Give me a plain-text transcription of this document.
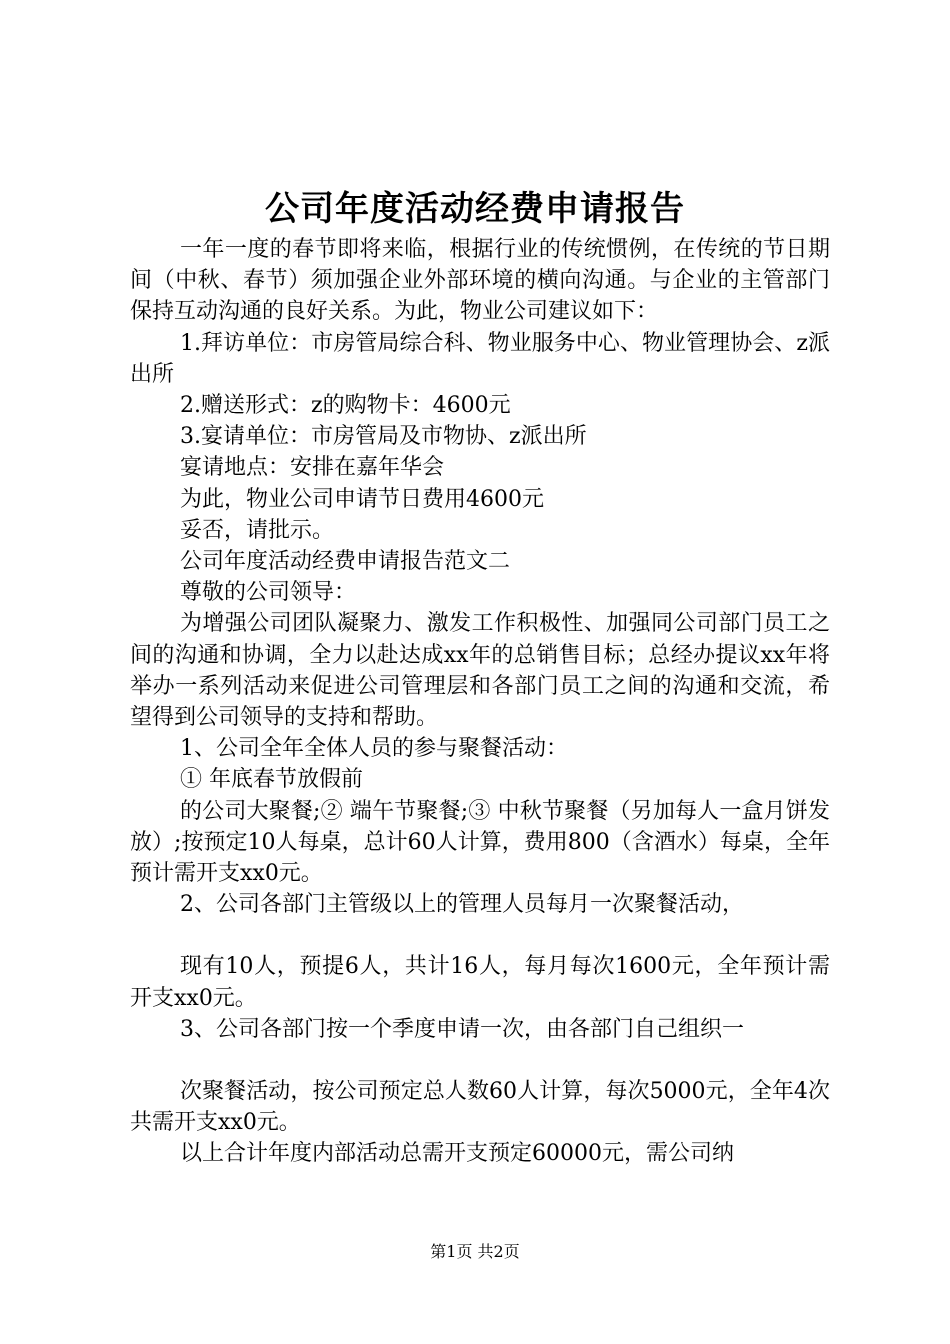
公司年度活动经费申请报告

一年一度的春节即将来临，根据行业的传统惯例，在传统的节日期间（中秋、春节）须加强企业外部环境的横向沟通。与企业的主管部门保持互动沟通的良好关系。为此，物业公司建议如下：

1.拜访单位：市房管局综合科、物业服务中心、物业管理协会、z派出所

2.赠送形式：z的购物卡：4600元

3.宴请单位：市房管局及市物协、z派出所

宴请地点：安排在嘉年华会

为此，物业公司申请节日费用4600元

妥否，请批示。

公司年度活动经费申请报告范文二

尊敬的公司领导：

为增强公司团队凝聚力、激发工作积极性、加强同公司部门员工之间的沟通和协调，全力以赴达成xx年的总销售目标；总经办提议xx年将举办一系列活动来促进公司管理层和各部门员工之间的沟通和交流，希望得到公司领导的支持和帮助。

1、公司全年全体人员的参与聚餐活动：

① 年底春节放假前

的公司大聚餐;② 端午节聚餐;③ 中秋节聚餐（另加每人一盒月饼发放）;按预定10人每桌，总计60人计算，费用800（含酒水）每桌，全年预计需开支xx0元。

2、公司各部门主管级以上的管理人员每月一次聚餐活动，

现有10人，预提6人，共计16人，每月每次1600元，全年预计需开支xx0元。

3、公司各部门按一个季度申请一次，由各部门自己组织一

次聚餐活动，按公司预定总人数60人计算，每次5000元，全年4次共需开支xx0元。

以上合计年度内部活动总需开支预定60000元，需公司纳

第1页 共2页
